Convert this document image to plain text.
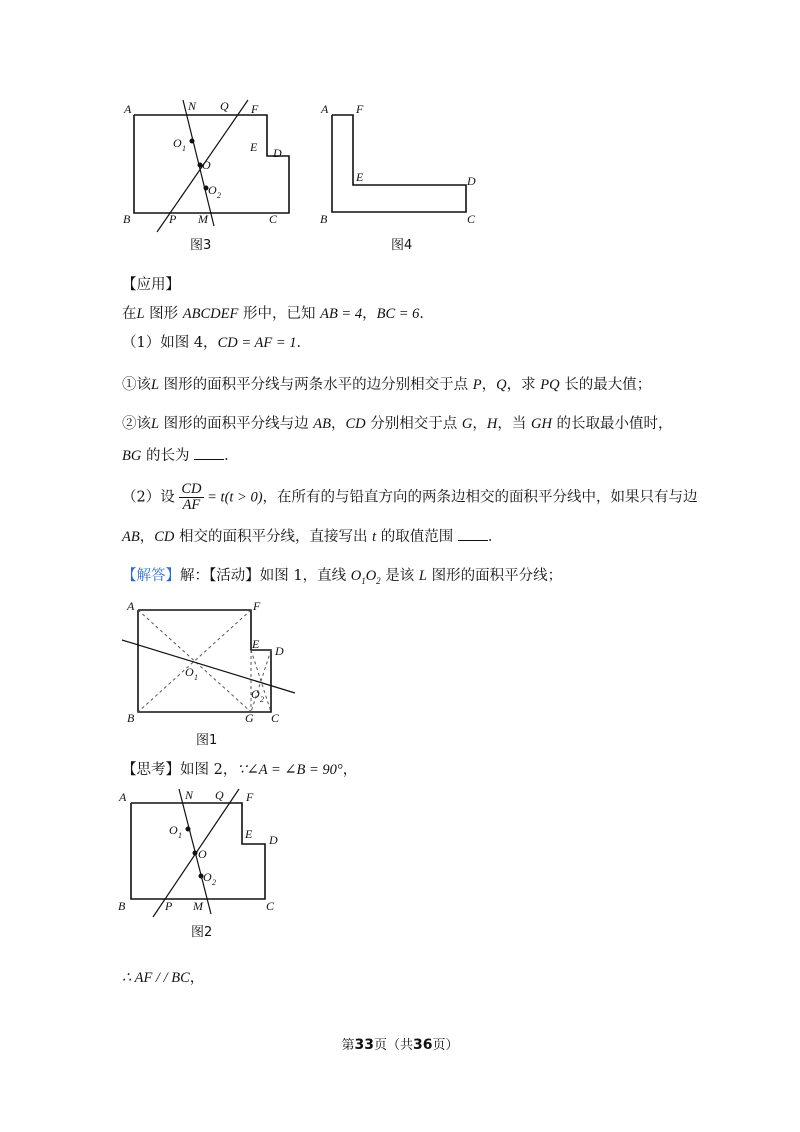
A	N Q F
O 1
O
E D
O 2
B	P M	C
图3
A F
E	D
B	C
图4
【应用】
在L 图形 ABCDEF 形中，已知 AB = 4，BC = 6．
（1）如图 4，CD = AF = 1．
①该L 图形的面积平分线与两条水平的边分别相交于点 P，Q，求 PQ 长的最大值；
②该L 图形的面积平分线与边 AB，CD 分别相交于点 G，H，当 GH 的长取最小值时，
BG 的长为 ．
（2）设 $\frac{CD}{AF} = t(t > 0)$，在所有的与铅直方向的两条边相交的面积平分线中，如果只有与边
AB，CD 相交的面积平分线，直接写出 t 的取值范围 ．
【解答】解：【活动】如图 1，直线 $O_1O_2$ 是该 L 图形的面积平分线；
A	F
E D
O 1
O 2
B	G C
图1
【思考】如图 2，∵∠A = ∠B = 90°，
A	N Q F
O 1
O
E D
O 2
B	P M	C
图2
∴ AF / / BC，
第33页（共36页）
